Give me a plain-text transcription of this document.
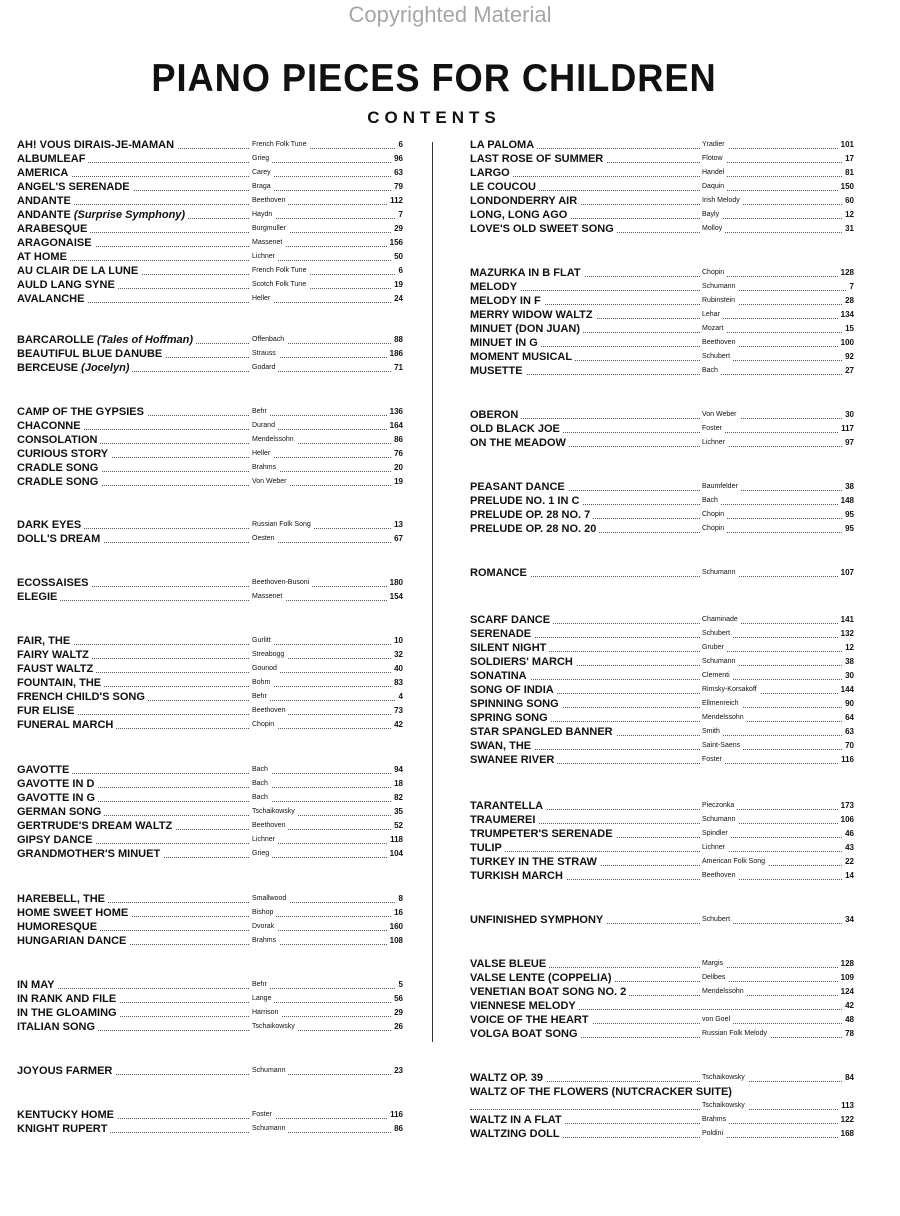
Copyrighted Material
PIANO PIECES FOR CHILDREN
CONTENTS
AH! VOUS DIRAIS-JE-MAMAN	French Folk Tune	6
ALBUMLEAF	Grieg	96
AMERICA	Carey	63
ANGEL'S SERENADE	Braga	79
ANDANTE	Beethoven	112
ANDANTE (Surprise Symphony)	Haydn	7
ARABESQUE	Burgmuller	29
ARAGONAISE	Massenet	156
AT HOME	Lichner	50
AU CLAIR DE LA LUNE	French Folk Tune	6
AULD LANG SYNE	Scotch Folk Tune	19
AVALANCHE	Heller	24
BARCAROLLE (Tales of Hoffman)	Offenbach	88
BEAUTIFUL BLUE DANUBE	Strauss	186
BERCEUSE (Jocelyn)	Godard	71
CAMP OF THE GYPSIES	Behr	136
CHACONNE	Durand	164
CONSOLATION	Mendelssohn	86
CURIOUS STORY	Heller	76
CRADLE SONG	Brahms	20
CRADLE SONG	Von Weber	19
DARK EYES	Russian Folk Song	13
DOLL'S DREAM	Oesten	67
ECOSSAISES	Beethoven-Busoni	180
ELEGIE	Massenet	154
FAIR, THE	Gurlitt	10
FAIRY WALTZ	Streabogg	32
FAUST WALTZ	Gounod	40
FOUNTAIN, THE	Bohm	83
FRENCH CHILD'S SONG	Behr	4
FUR ELISE	Beethoven	73
FUNERAL MARCH	Chopin	42
GAVOTTE	Bach	94
GAVOTTE IN D	Bach	18
GAVOTTE IN G	Bach	82
GERMAN SONG	Tschaikowsky	35
GERTRUDE'S DREAM WALTZ	Beethoven	52
GIPSY DANCE	Lichner	118
GRANDMOTHER'S MINUET	Grieg	104
HAREBELL, THE	Smallwood	8
HOME SWEET HOME	Bishop	16
HUMORESQUE	Dvorak	160
HUNGARIAN DANCE	Brahms	108
IN MAY	Behr	5
IN RANK AND FILE	Lange	56
IN THE GLOAMING	Harrison	29
ITALIAN SONG	Tschaikowsky	26
JOYOUS FARMER	Schumann	23
KENTUCKY HOME	Foster	116
KNIGHT RUPERT	Schumann	86
LA PALOMA	Yradier	101
LAST ROSE OF SUMMER	Flotow	17
LARGO	Handel	81
LE COUCOU	Daquin	150
LONDONDERRY AIR	Irish Melody	60
LONG, LONG AGO	Bayly	12
LOVE'S OLD SWEET SONG	Molloy	31
MAZURKA IN B FLAT	Chopin	128
MELODY	Schumann	7
MELODY IN F	Rubinstein	28
MERRY WIDOW WALTZ	Lehar	134
MINUET (DON JUAN)	Mozart	15
MINUET IN G	Beethoven	100
MOMENT MUSICAL	Schubert	92
MUSETTE	Bach	27
OBERON	Von Weber	30
OLD BLACK JOE	Foster	117
ON THE MEADOW	Lichner	97
PEASANT DANCE	Baumfelder	38
PRELUDE NO. 1 IN C	Bach	148
PRELUDE OP. 28 NO. 7	Chopin	95
PRELUDE OP. 28 NO. 20	Chopin	95
ROMANCE	Schumann	107
SCARF DANCE	Chaminade	141
SERENADE	Schubert	132
SILENT NIGHT	Gruber	12
SOLDIERS' MARCH	Schumann	38
SONATINA	Clementi	30
SONG OF INDIA	Rimsky-Korsakoff	144
SPINNING SONG	Ellmenreich	90
SPRING SONG	Mendelssohn	64
STAR SPANGLED BANNER	Smith	63
SWAN, THE	Saint-Saens	70
SWANEE RIVER	Foster	116
TARANTELLA	Pieczonka	173
TRAUMEREI	Schumann	106
TRUMPETER'S SERENADE	Spindler	46
TULIP	Lichner	43
TURKEY IN THE STRAW	American Folk Song	22
TURKISH MARCH	Beethoven	14
UNFINISHED SYMPHONY	Schubert	34
VALSE BLEUE	Margis	128
VALSE LENTE (COPPELIA)	Delibes	109
VENETIAN BOAT SONG NO. 2	Mendelssohn	124
VIENNESE MELODY	42
VOICE OF THE HEART	von Goel	48
VOLGA BOAT SONG	Russian Folk Melody	78
WALTZ OP. 39	Tschaikowsky	84
WALTZ OF THE FLOWERS (NUTCRACKER SUITE)
Tschaikowsky	113
WALTZ IN A FLAT	Brahms	122
WALTZING DOLL	Poldini	168
